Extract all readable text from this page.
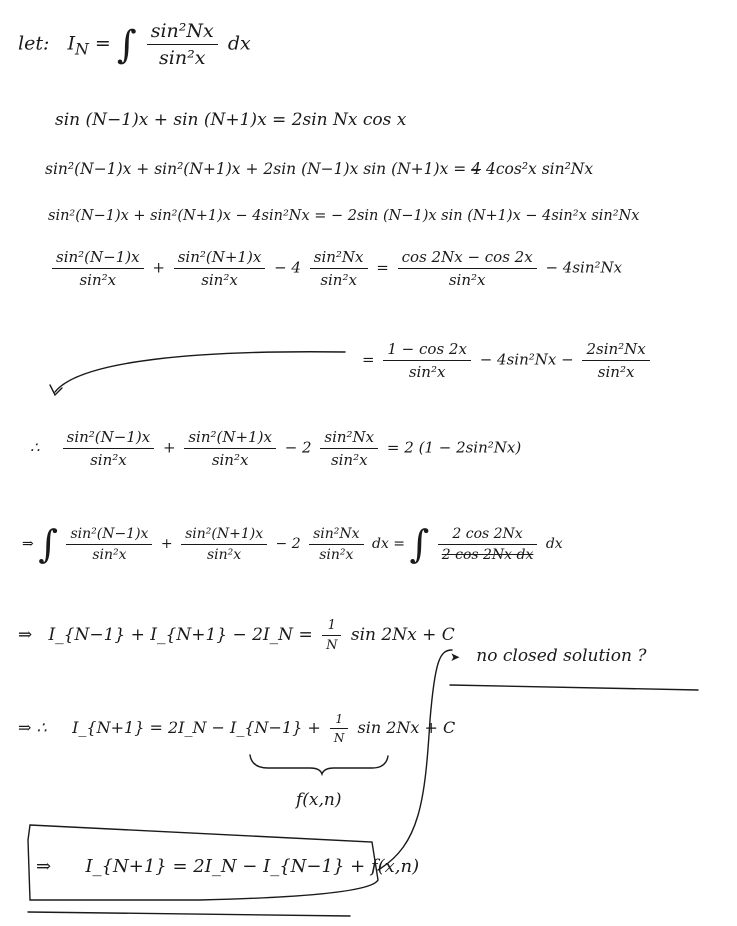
let: $I_N$ = ∫ $\frac{\text{sin²Nx}}{\text{sin²x}}$ dx
sin (N−1)x + sin (N+1)x = 2sin Nx cos x
sin²(N−1)x + sin²(N+1)x + 2sin (N−1)x sin (N+1)x = 4 4cos²x sin²Nx
sin²(N−1)x + sin²(N+1)x − 4sin²Nx = − 2sin (N−1)x sin (N+1)x − 4sin²x sin²Nx
$\frac{\text{sin²(N−1)x}}{\text{sin²x}} + \frac{\text{sin²(N+1)x}}{\text{sin²x}} - 4 \frac{\text{sin²Nx}}{\text{sin²x}} = \frac{\cos 2Nx - \cos 2x}{\text{sin²x}} - 4\sin^2Nx$
= $\frac{1 - \cos 2x}{\text{sin²x}} - 4\sin^2Nx - \frac{\text{2sin²Nx}}{\text{sin²x}}$
∴ $\frac{\text{sin²(N−1)x}}{\text{sin²x}} + \frac{\text{sin²(N+1)x}}{\text{sin²x}} - 2 \frac{\text{sin²Nx}}{\text{sin²x}} = 2$ (1 − 2sin²Nx)
⇒ ∫ $\frac{\text{sin²(N−1)x}}{\text{sin²x}} + \frac{\text{sin²(N+1)x}}{\text{sin²x}} - 2 \frac{\text{sin²Nx}}{\text{sin²x}}$ dx = ∫ $\frac{2 \cos 2Nx}{\text{2 cos 2Nx dx}}$ dx
⇒ I_{N−1} + I_{N+1} − 2I_N = $\frac{1}{N}$ sin 2Nx + C
➤ no closed solution ?
⇒ ∴ I_{N+1} = 2I_N − I_{N−1} + $\frac{1}{N}$ sin 2Nx + C
f(x,n)
⇒ I_{N+1} = 2I_N − I_{N−1} + f(x,n)
